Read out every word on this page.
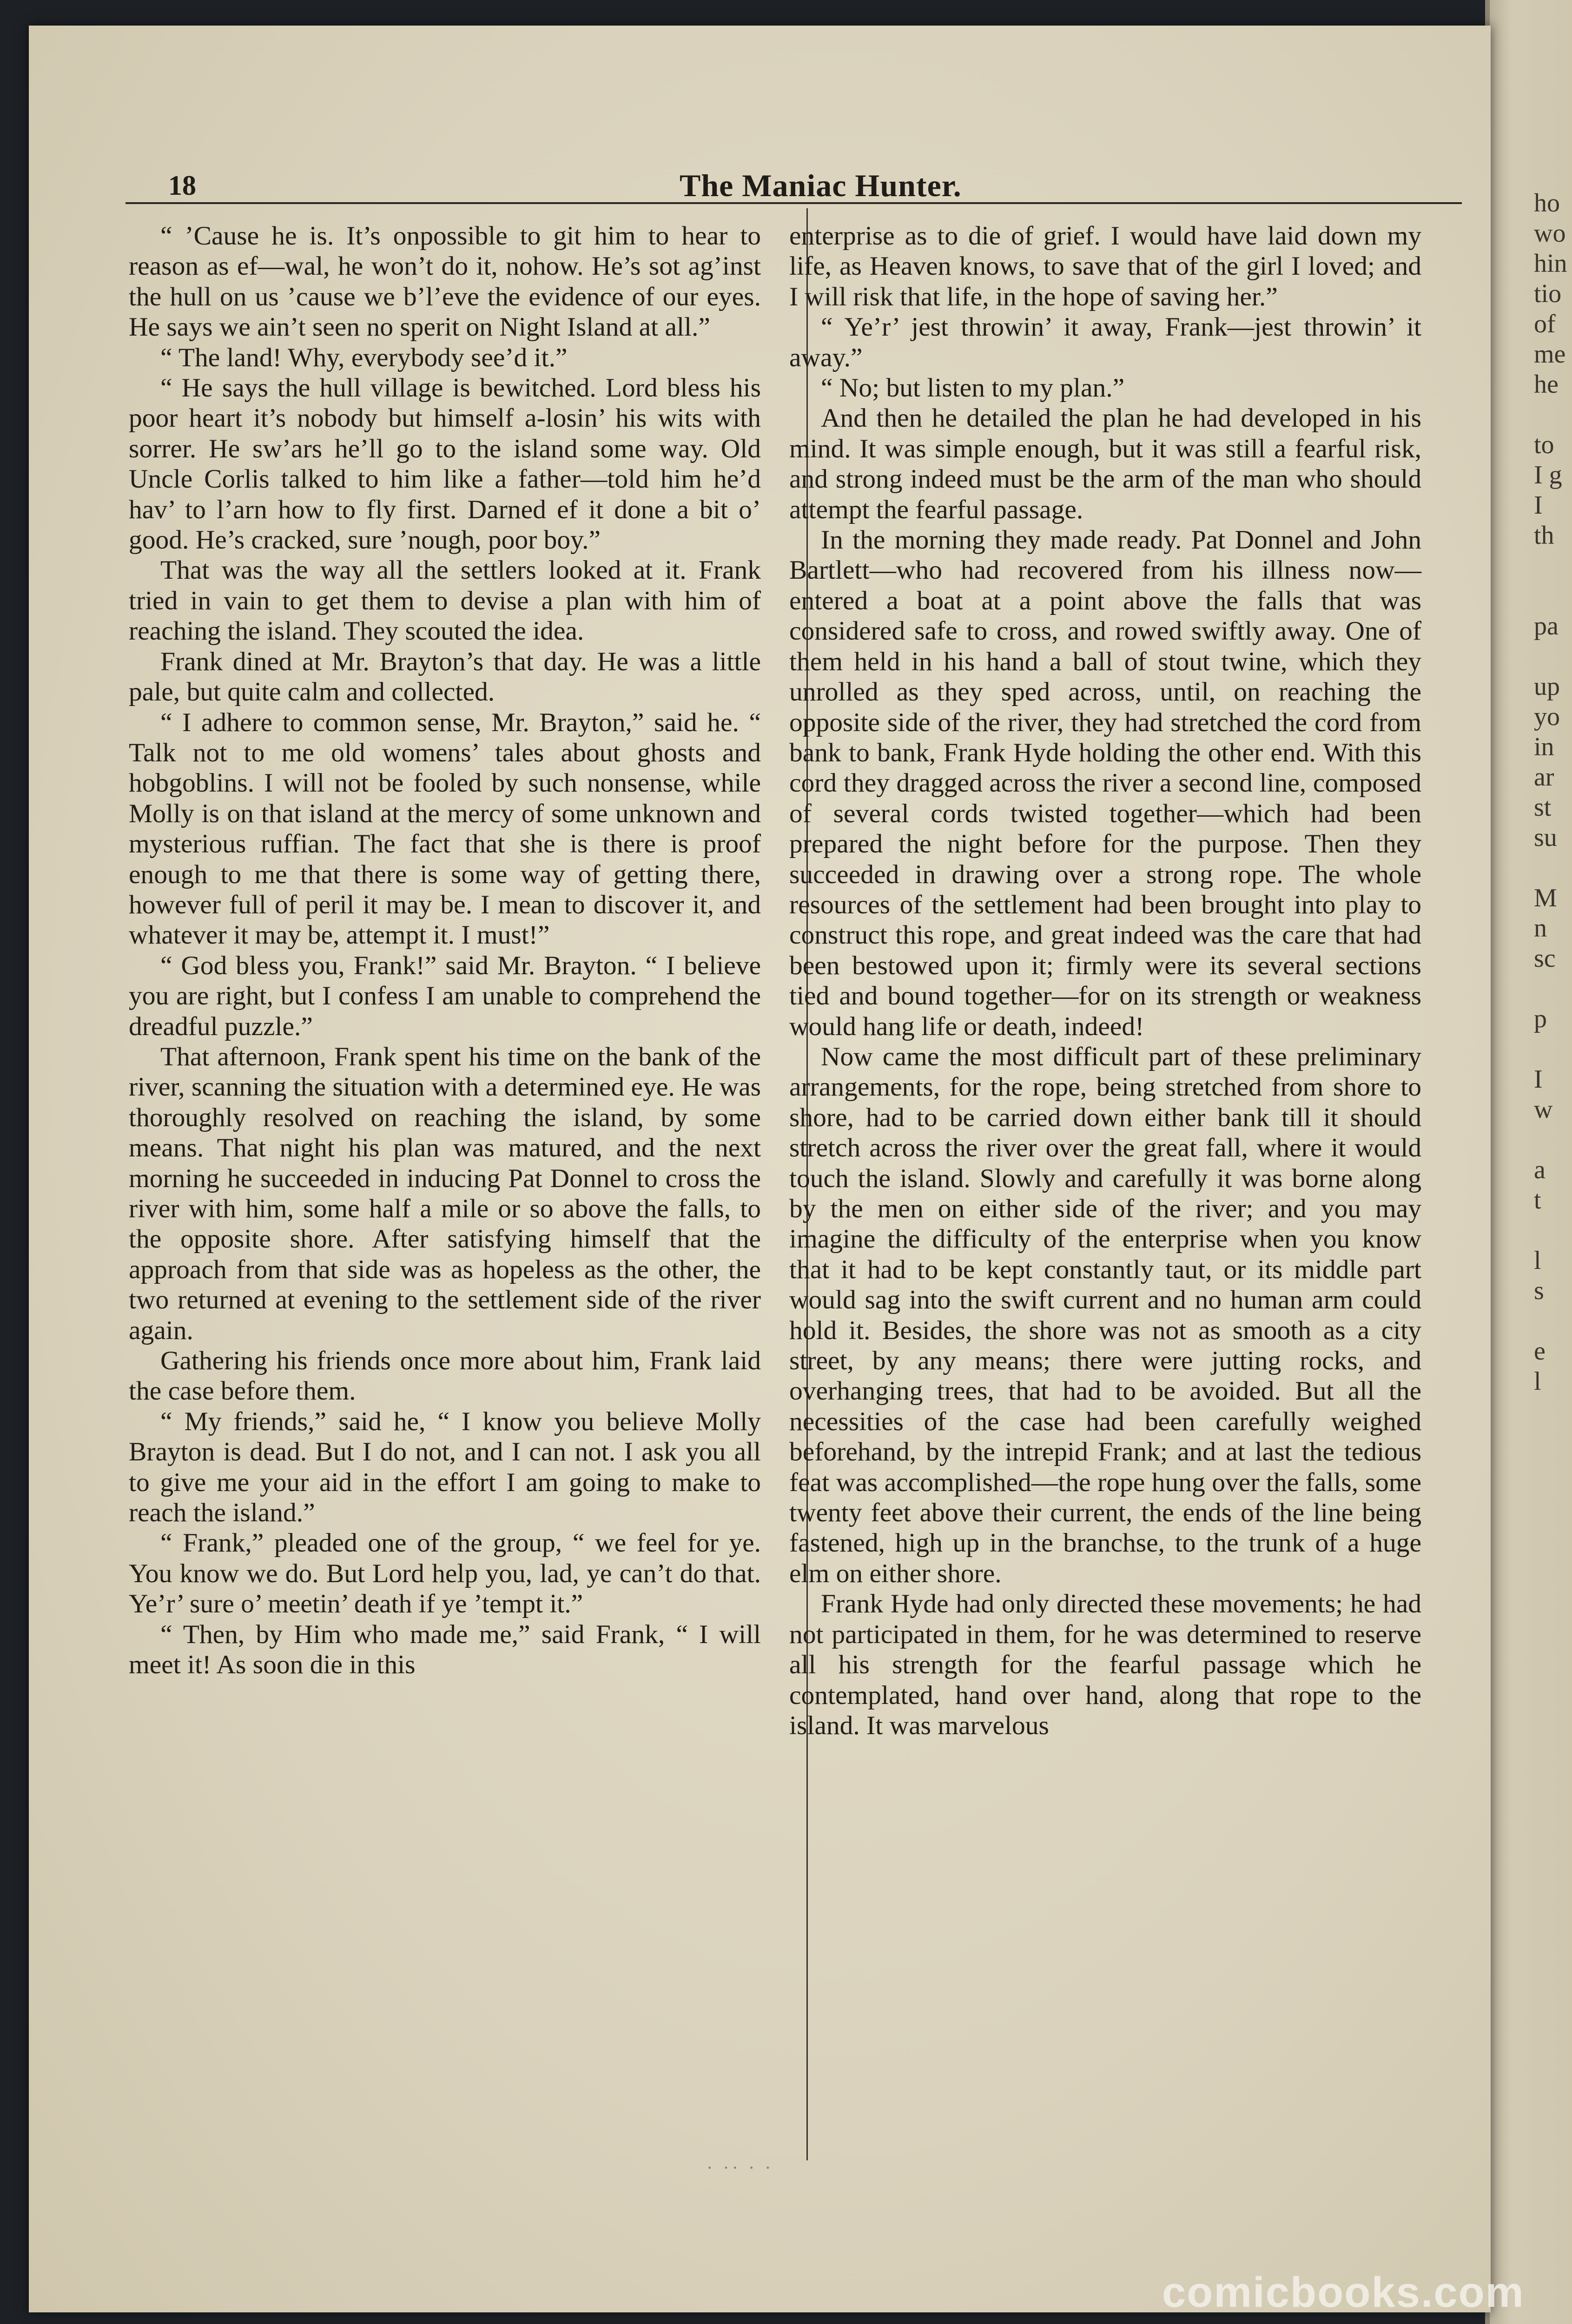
ho
wo
hin
tio
of
me
he

to
I g
I
th

pa

up
yo
in
ar
st
su

M
n
sc

p

I
w

a
t

l
s

e
l
18	The Maniac Hunter.

“ ’Cause he is. It’s onpossible to git him to hear to reason as ef—wal, he won’t do it, nohow. He’s sot ag’inst the hull on us ’cause we b’l’eve the evidence of our eyes. He says we ain’t seen no sperit on Night Island at all.”

“ The land! Why, everybody see’d it.”

“ He says the hull village is bewitched. Lord bless his poor heart it’s nobody but himself a-losin’ his wits with sorrer. He sw’ars he’ll go to the island some way. Old Uncle Corlis talked to him like a father—told him he’d hav’ to l’arn how to fly first. Darned ef it done a bit o’ good. He’s cracked, sure ’nough, poor boy.”

That was the way all the settlers looked at it. Frank tried in vain to get them to devise a plan with him of reaching the island. They scouted the idea.

Frank dined at Mr. Brayton’s that day. He was a little pale, but quite calm and collected.

“ I adhere to common sense, Mr. Brayton,” said he. “ Talk not to me old womens’ tales about ghosts and hobgoblins. I will not be fooled by such nonsense, while Molly is on that island at the mercy of some unknown and mysterious ruffian. The fact that she is there is proof enough to me that there is some way of getting there, however full of peril it may be. I mean to discover it, and whatever it may be, attempt it. I must!”

“ God bless you, Frank!” said Mr. Brayton. “ I believe you are right, but I confess I am unable to comprehend the dreadful puzzle.”

That afternoon, Frank spent his time on the bank of the river, scanning the situation with a determined eye. He was thoroughly resolved on reaching the island, by some means. That night his plan was matured, and the next morning he succeeded in inducing Pat Donnel to cross the river with him, some half a mile or so above the falls, to the opposite shore. After satisfying himself that the approach from that side was as hopeless as the other, the two returned at evening to the settlement side of the river again.

Gathering his friends once more about him, Frank laid the case before them.

“ My friends,” said he, “ I know you believe Molly Brayton is dead. But I do not, and I can not. I ask you all to give me your aid in the effort I am going to make to reach the island.”

“ Frank,” pleaded one of the group, “ we feel for ye. You know we do. But Lord help you, lad, ye can’t do that. Ye’r’ sure o’ meetin’ death if ye ’tempt it.”

“ Then, by Him who made me,” said Frank, “ I will meet it! As soon die in this

enterprise as to die of grief. I would have laid down my life, as Heaven knows, to save that of the girl I loved; and I will risk that life, in the hope of saving her.”

“ Ye’r’ jest throwin’ it away, Frank—jest throwin’ it away.”

“ No; but listen to my plan.”

And then he detailed the plan he had developed in his mind. It was simple enough, but it was still a fearful risk, and strong indeed must be the arm of the man who should attempt the fearful passage.

In the morning they made ready. Pat Donnel and John Bartlett—who had recovered from his illness now—entered a boat at a point above the falls that was considered safe to cross, and rowed swiftly away. One of them held in his hand a ball of stout twine, which they unrolled as they sped across, until, on reaching the opposite side of the river, they had stretched the cord from bank to bank, Frank Hyde holding the other end. With this cord they dragged across the river a second line, composed of several cords twisted together—which had been prepared the night before for the purpose. Then they succeeded in drawing over a strong rope. The whole resources of the settlement had been brought into play to construct this rope, and great indeed was the care that had been bestowed upon it; firmly were its several sections tied and bound together—for on its strength or weakness would hang life or death, indeed!

Now came the most difficult part of these preliminary arrangements, for the rope, being stretched from shore to shore, had to be carried down either bank till it should stretch across the river over the great fall, where it would touch the island. Slowly and carefully it was borne along by the men on either side of the river; and you may imagine the difficulty of the enterprise when you know that it had to be kept constantly taut, or its middle part would sag into the swift current and no human arm could hold it. Besides, the shore was not as smooth as a city street, by any means; there were jutting rocks, and overhanging trees, that had to be avoided. But all the necessities of the case had been carefully weighed beforehand, by the intrepid Frank; and at last the tedious feat was accomplished—the rope hung over the falls, some twenty feet above their current, the ends of the line being fastened, high up in the branchse, to the trunk of a huge elm on either shore.

Frank Hyde had only directed these movements; he had not participated in them, for he was determined to reserve all his strength for the fearful passage which he contemplated, hand over hand, along that rope to the island. It was marvelous

· ·· · ·
comicbooks.com
